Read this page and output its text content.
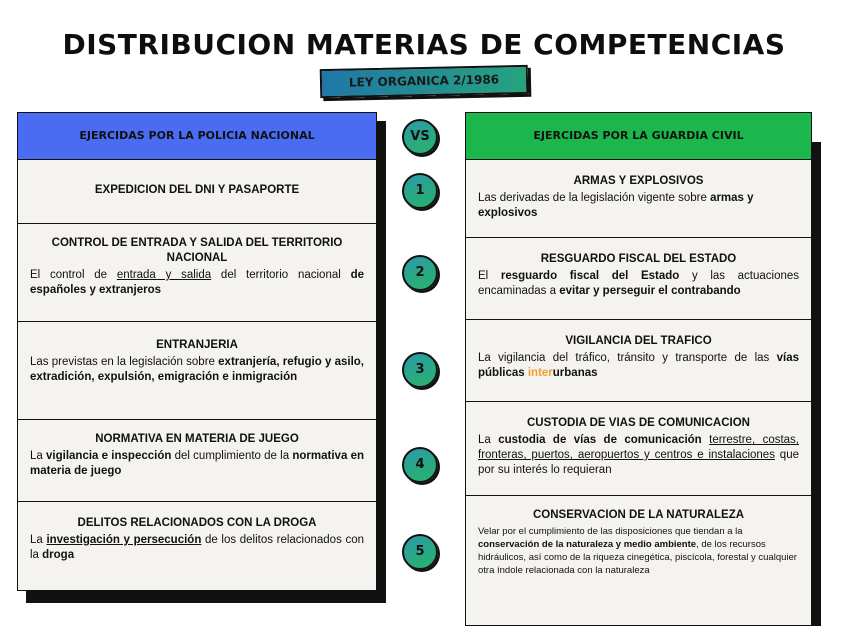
DISTRIBUCION MATERIAS DE COMPETENCIAS
LEY ORGANICA 2/1986
EJERCIDAS POR LA POLICIA NACIONAL
EXPEDICION DEL DNI Y PASAPORTE
CONTROL DE ENTRADA Y SALIDA DEL TERRITORIO NACIONAL
El control de entrada y salida del territorio nacional de españoles y extranjeros
ENTRANJERIA
Las previstas en la legislación sobre extranjería, refugio y asilo, extradición, expulsión, emigración e inmigración
NORMATIVA EN MATERIA DE JUEGO
La vigilancia e inspección del cumplimiento de la normativa en materia de juego
DELITOS RELACIONADOS CON LA DROGA
La investigación y persecución de los delitos relacionados con la droga
VS
1
2
3
4
5
EJERCIDAS POR LA GUARDIA CIVIL
ARMAS Y EXPLOSIVOS
Las derivadas de la legislación vigente sobre armas y explosivos
RESGUARDO FISCAL DEL ESTADO
El resguardo fiscal del Estado y las actuaciones encaminadas a evitar y perseguir el contrabando
VIGILANCIA DEL TRAFICO
La vigilancia del tráfico, tránsito y transporte de las vías públicas interurbanas
CUSTODIA DE VIAS DE COMUNICACION
La custodia de vías de comunicación terrestre, costas, fronteras, puertos, aeropuertos y centros e instalaciones que por su interés lo requieran
CONSERVACION DE LA NATURALEZA
Velar por el cumplimiento de las disposiciones que tiendan a la conservación de la naturaleza y medio ambiente, de los recursos hidráulicos, así como de la riqueza cinegética, piscícola, forestal y cualquier otra índole relacionada con la naturaleza
